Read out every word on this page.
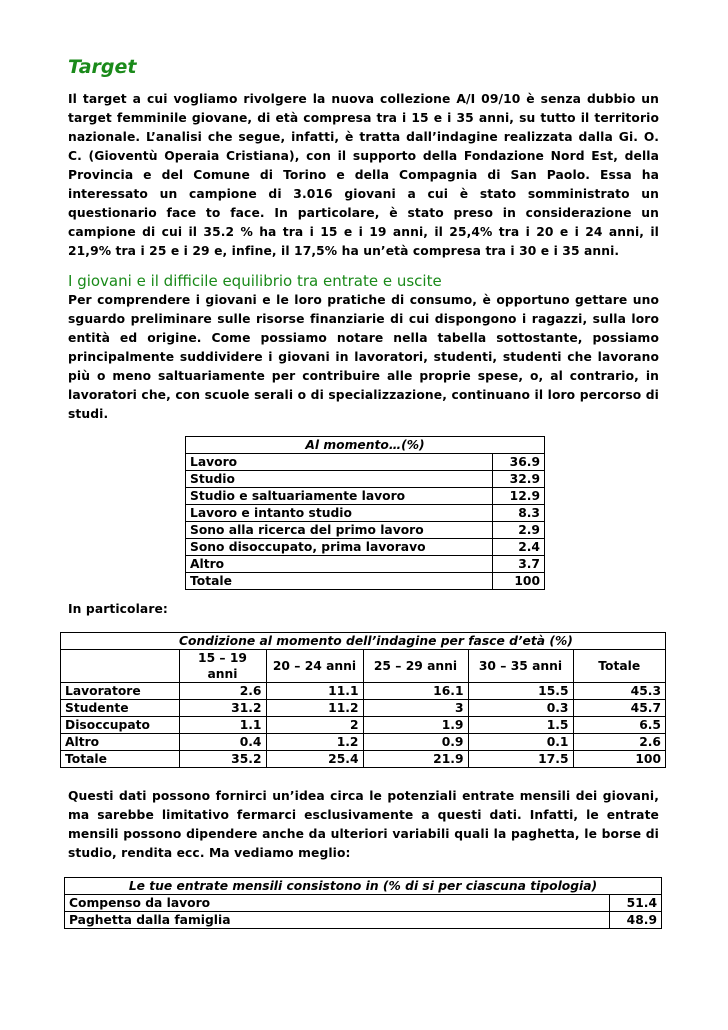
Target

Il target a cui vogliamo rivolgere la nuova collezione A/I 09/10 è senza dubbio un target femminile giovane, di età compresa tra i 15 e i 35 anni, su tutto il territorio nazionale. L’analisi che segue, infatti, è tratta dall’indagine realizzata dalla Gi. O. C. (Gioventù Operaia Cristiana), con il supporto della Fondazione Nord Est, della Provincia e del Comune di Torino e della Compagnia di San Paolo. Essa ha interessato un campione di 3.016 giovani a cui è stato somministrato un questionario face to face. In particolare, è stato preso in considerazione un campione di cui il 35.2 % ha tra i 15 e i 19 anni, il 25,4% tra i 20 e i 24 anni, il 21,9% tra i 25 e i 29 e, infine, il 17,5% ha un’età compresa tra i 30 e i 35 anni.

I giovani e il difficile equilibrio tra entrate e uscite

Per comprendere i giovani e le loro pratiche di consumo, è opportuno gettare uno sguardo preliminare sulle risorse finanziarie di cui dispongono i ragazzi, sulla loro entità ed origine. Come possiamo notare nella tabella sottostante, possiamo principalmente suddividere i giovani in lavoratori, studenti, studenti che lavorano più o meno saltuariamente per contribuire alle proprie spese, o, al contrario, in lavoratori che, con scuole serali o di specializzazione, continuano il loro percorso di studi.

Al momento…(%)	
Lavoro	36.9
Studio	32.9
Studio e saltuariamente lavoro	12.9
Lavoro e intanto studio	8.3
Sono alla ricerca del primo lavoro	2.9
Sono disoccupato, prima lavoravo	2.4
Altro	3.7
Totale	100

In particolare:

	Condizione al momento dell’indagine per fasce d’età (%)				
	15 – 19	20 – 24 anni	25 – 29 anni	30 – 35 anni	Totale
	anni				
Lavoratore	2.6	11.1	16.1	15.5	45.3
Studente	31.2	11.2	3	0.3	45.7
Disoccupato	1.1	2	1.9	1.5	6.5
Altro	0.4	1.2	0.9	0.1	2.6
Totale	35.2	25.4	21.9	17.5	100

Questi dati possono fornirci un’idea circa le potenziali entrate mensili dei giovani, ma sarebbe limitativo fermarci esclusivamente a questi dati. Infatti, le entrate mensili possono dipendere anche da ulteriori variabili quali la paghetta, le borse di studio, rendita ecc. Ma vediamo meglio:

Le tue entrate mensili consistono in (% di si per ciascuna tipologia)	
Compenso da lavoro	51.4
Paghetta dalla famiglia	48.9
